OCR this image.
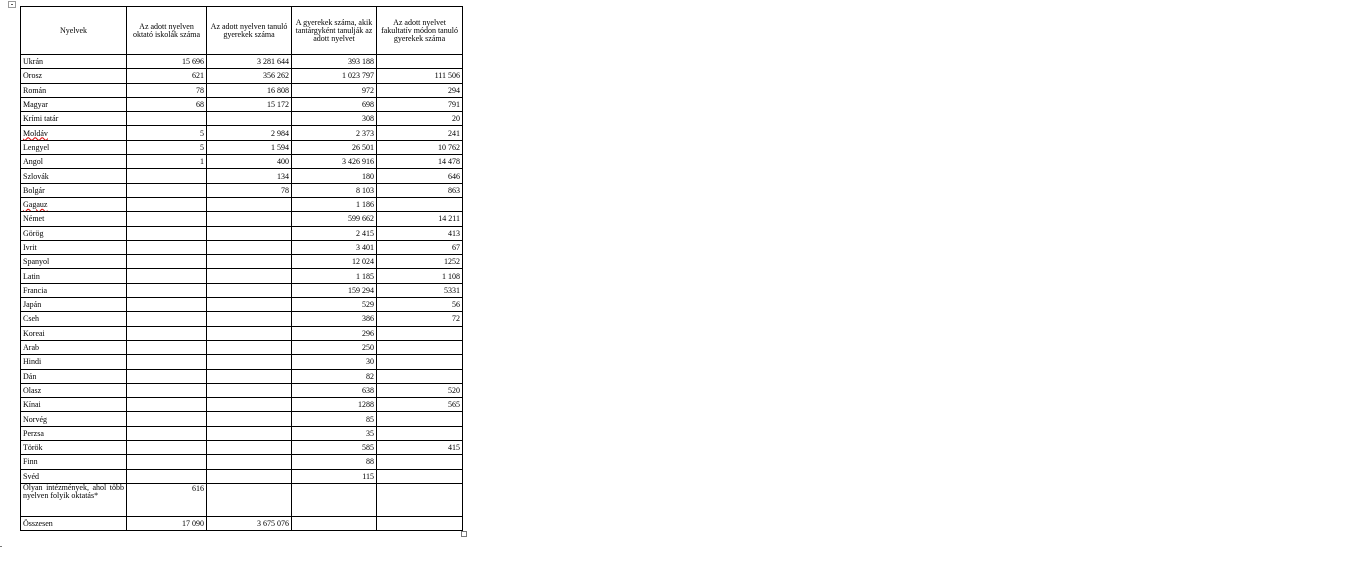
Nyelvek	Az adott nyelven oktató iskolák száma	Az adott nyelven tanuló gyerekek száma	A gyerekek száma, akik tantárgyként tanulják az adott nyelvet	Az adott nyelvet fakultatív módon tanuló gyerekek száma
Ukrán	15 696	3 281 644	393 188	
Orosz	621	356 262	1 023 797	111 506
Román	78	16 808	972	294
Magyar	68	15 172	698	791
Krími tatár			308	20
Moldáv	5	2 984	2 373	241
Lengyel	5	1 594	26 501	10 762
Angol	1	400	3 426 916	14 478
Szlovák		134	180	646
Bolgár		78	8 103	863
Gagauz			1 186	
Német			599 662	14 211
Görög			2 415	413
Ivrit			3 401	67
Spanyol			12 024	1252
Latin			1 185	1 108
Francia			159 294	5331
Japán			529	56
Cseh			386	72
Koreai			296	
Arab			250	
Hindi			30	
Dán			82	
Olasz			638	520
Kínai			1288	565
Norvég			85	
Perzsa			35	
Török			585	415
Finn			88	
Svéd			115	
Olyan intézmények, ahol több nyelven folyik oktatás*	616			
Összesen	17 090	3 675 076		
